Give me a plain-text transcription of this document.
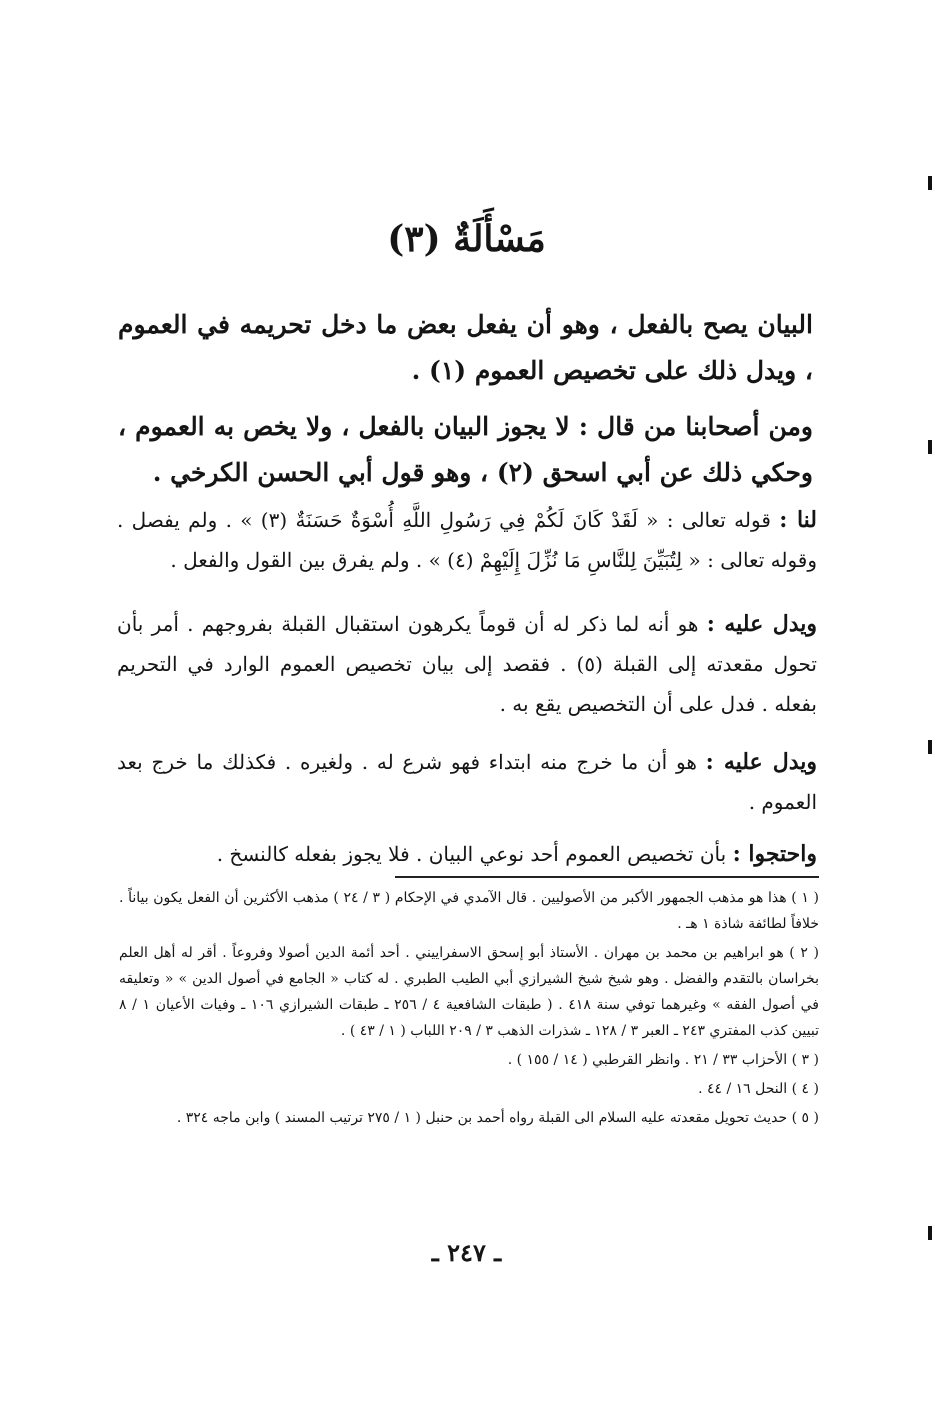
مَسْأَلَةٌ (٣)
البيان يصح بالفعل ، وهو أن يفعل بعض ما دخل تحريمه في العموم ، ويدل ذلك على تخصيص العموم (١) .
ومن أصحابنا من قال : لا يجوز البيان بالفعل ، ولا يخص به العموم ، وحكي ذلك عن أبي اسحق (٢) ، وهو قول أبي الحسن الكرخي .
لنا : قوله تعالى : « لَقَدْ كَانَ لَكُمْ فِي رَسُولِ اللَّهِ أُسْوَةٌ حَسَنَةٌ (٣) » . ولم يفصل . وقوله تعالى : « لِتُبَيِّنَ لِلنَّاسِ مَا نُزِّلَ إِلَيْهِمْ (٤) » . ولم يفرق بين القول والفعل .
ويدل عليه : هو أنه لما ذكر له أن قوماً يكرهون استقبال القبلة بفروجهم . أمر بأن تحول مقعدته إلى القبلة (٥) . فقصد إلى بيان تخصيص العموم الوارد في التحريم بفعله . فدل على أن التخصيص يقع به .
ويدل عليه : هو أن ما خرج منه ابتداء فهو شرع له . ولغيره . فكذلك ما خرج بعد العموم .
واحتجوا : بأن تخصيص العموم أحد نوعي البيان . فلا يجوز بفعله كالنسخ .

( ١ ) هذا هو مذهب الجمهور الأكبر من الأصوليين . قال الآمدي في الإحكام ( ٣ / ٢٤ ) مذهب الأكثرين أن الفعل يكون بياناً . خلافاً لطائفة شاذة ١ هـ .

( ٢ ) هو ابراهيم بن محمد بن مهران . الأستاذ أبو إسحق الاسفراييني . أحد أئمة الدين أصولا وفروعاً . أقر له أهل العلم بخراسان بالتقدم والفضل . وهو شيخ شيخ الشيرازي أبي الطيب الطبري . له كتاب « الجامع في أصول الدين » « وتعليقه في أصول الفقه » وغيرهما توفي سنة ٤١٨ . ( طبقات الشافعية ٤ / ٢٥٦ ـ طبقات الشيرازي ١٠٦ ـ وفيات الأعيان ١ / ٨ تبيين كذب المفتري ٢٤٣ ـ العبر ٣ / ١٢٨ ـ شذرات الذهب ٣ / ٢٠٩ اللباب ( ١ / ٤٣ ) .

( ٣ ) الأحزاب ٣٣ / ٢١ . وانظر القرطبي ( ١٤ / ١٥٥ ) .

( ٤ ) النحل ١٦ / ٤٤ .

( ٥ ) حديث تحويل مقعدته عليه السلام الى القبلة رواه أحمد بن حنبل ( ١ / ٢٧٥ ترتيب المسند ) وابن ماجه ٣٢٤ .

ـ ٢٤٧ ـ
